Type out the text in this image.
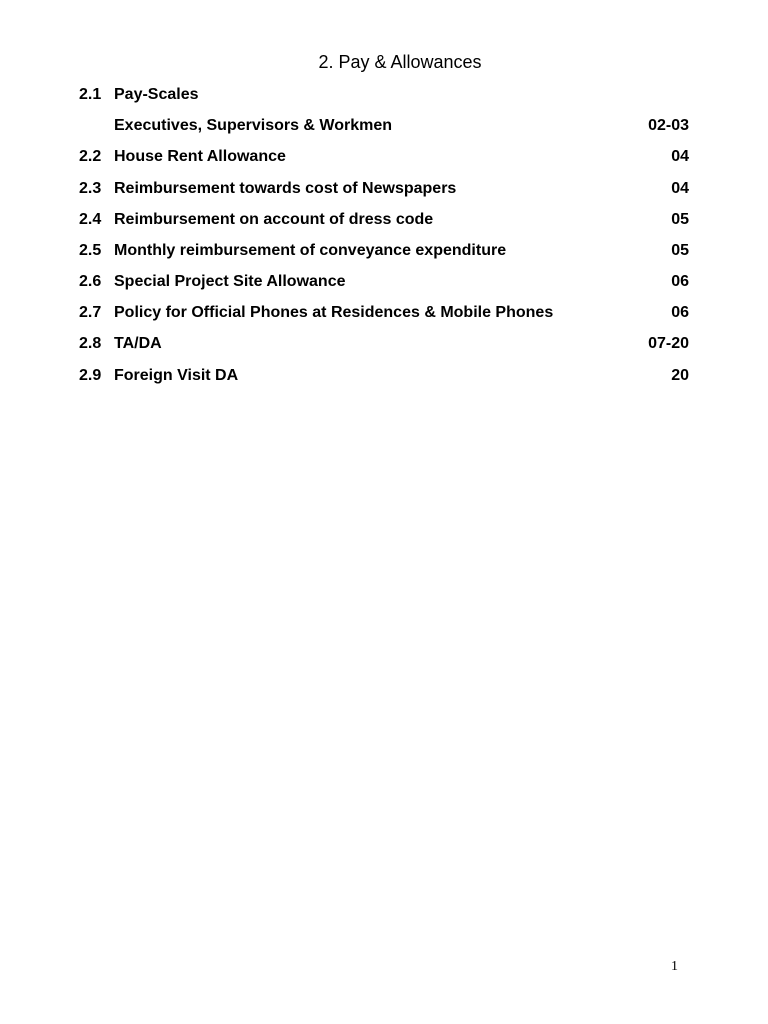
2. Pay & Allowances
2.1 Pay-Scales
Executives, Supervisors & Workmen	02-03
2.2 House Rent Allowance	04
2.3 Reimbursement towards cost of Newspapers	04
2.4 Reimbursement on account of dress code	05
2.5 Monthly reimbursement of conveyance expenditure	05
2.6 Special Project Site Allowance	06
2.7 Policy for Official Phones at Residences & Mobile Phones	06
2.8 TA/DA	07-20
2.9 Foreign Visit DA	20
1
